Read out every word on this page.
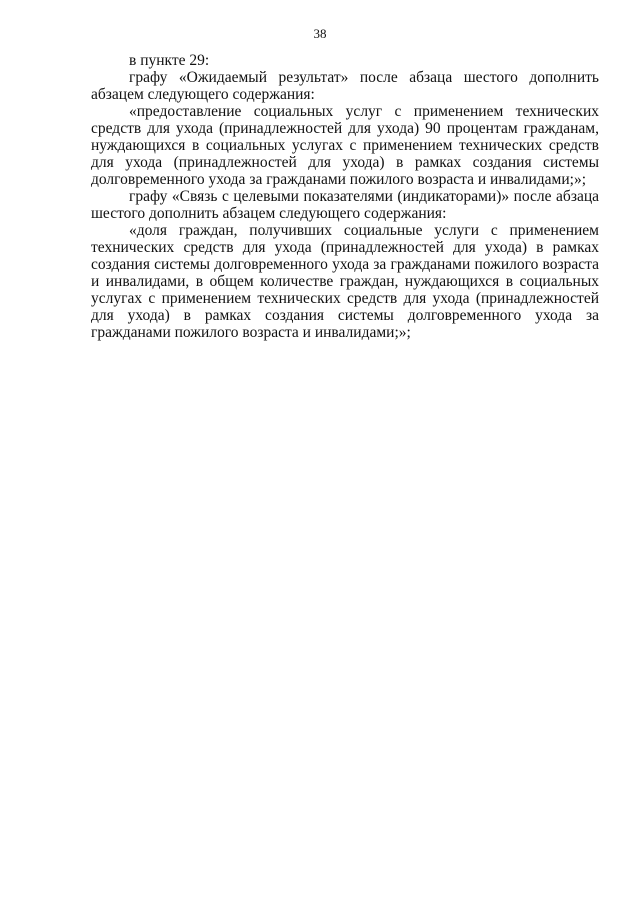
38

в пункте 29:

графу «Ожидаемый результат» после абзаца шестого дополнить абзацем следующего содержания:

«предоставление социальных услуг с применением технических средств для ухода (принадлежностей для ухода) 90 процентам гражданам, нуждающихся в социальных услугах с применением технических средств для ухода (принадлежностей для ухода) в рамках создания системы долговременного ухода за гражданами пожилого возраста и инвалидами;»;

графу «Связь с целевыми показателями (индикаторами)» после абзаца шестого дополнить абзацем следующего содержания:

«доля граждан, получивших социальные услуги с применением технических средств для ухода (принадлежностей для ухода) в рамках создания системы долговременного ухода за гражданами пожилого возраста и инвалидами, в общем количестве граждан, нуждающихся в социальных услугах с применением технических средств для ухода (принадлежностей для ухода) в рамках создания системы долговременного ухода за гражданами пожилого возраста и инвалидами;»;
